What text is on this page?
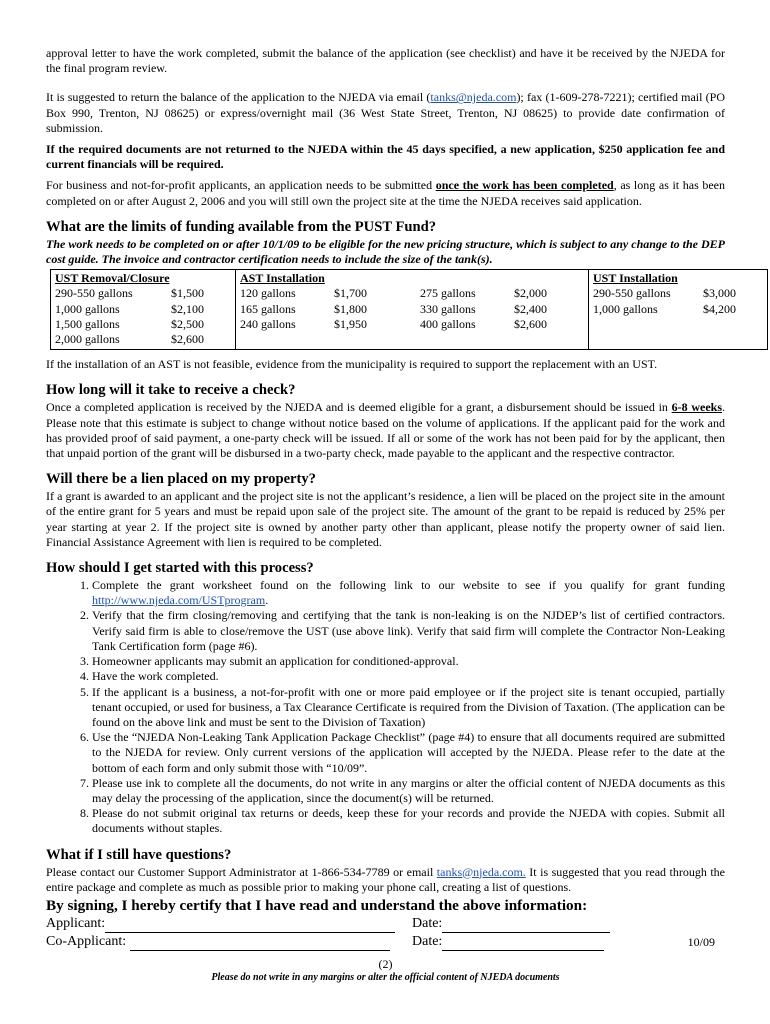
approval letter to have the work completed, submit the balance of the application (see checklist) and have it be received by the NJEDA for the final program review.

It is suggested to return the balance of the application to the NJEDA via email (tanks@njeda.com); fax (1-609-278-7221); certified mail (PO Box 990, Trenton, NJ 08625) or express/overnight mail (36 West State Street, Trenton, NJ 08625) to provide date confirmation of submission.

If the required documents are not returned to the NJEDA within the 45 days specified, a new application, $250 application fee and current financials will be required.

For business and not-for-profit applicants, an application needs to be submitted once the work has been completed, as long as it has been completed on or after August 2, 2006 and you will still own the project site at the time the NJEDA receives said application.

What are the limits of funding available from the PUST Fund?

The work needs to be completed on or after 10/1/09 to be eligible for the new pricing structure, which is subject to any change to the DEP cost guide. The invoice and contractor certification needs to include the size of the tank(s).

UST Removal/Closure
290-550 gallons	$1,500
1,000 gallons	$2,100
1,500 gallons	$2,500
2,000 gallons	$2,600

AST Installation
120 gallons	$1,700	275 gallons	$2,000
165 gallons	$1,800	330 gallons	$2,400
240 gallons	$1,950	400 gallons	$2,600

UST Installation
290-550 gallons	$3,000
1,000 gallons	$4,200

If the installation of an AST is not feasible, evidence from the municipality is required to support the replacement with an UST.

How long will it take to receive a check?

Once a completed application is received by the NJEDA and is deemed eligible for a grant, a disbursement should be issued in 6-8 weeks. Please note that this estimate is subject to change without notice based on the volume of applications. If the applicant paid for the work and has provided proof of said payment, a one-party check will be issued. If all or some of the work has not been paid for by the applicant, then that unpaid portion of the grant will be disbursed in a two-party check, made payable to the applicant and the respective contractor.

Will there be a lien placed on my property?

If a grant is awarded to an applicant and the project site is not the applicant’s residence, a lien will be placed on the project site in the amount of the entire grant for 5 years and must be repaid upon sale of the project site. The amount of the grant to be repaid is reduced by 25% per year starting at year 2. If the project site is owned by another party other than applicant, please notify the property owner of said lien. Financial Assistance Agreement with lien is required to be completed.

How should I get started with this process?
1. Complete the grant worksheet found on the following link to our website to see if you qualify for grant funding http://www.njeda.com/USTprogram.
2. Verify that the firm closing/removing and certifying that the tank is non-leaking is on the NJDEP’s list of certified contractors. Verify said firm is able to close/remove the UST (use above link). Verify that said firm will complete the Contractor Non-Leaking Tank Certification form (page #6).
3. Homeowner applicants may submit an application for conditioned-approval.
4. Have the work completed.
5. If the applicant is a business, a not-for-profit with one or more paid employee or if the project site is tenant occupied, partially tenant occupied, or used for business, a Tax Clearance Certificate is required from the Division of Taxation. (The application can be found on the above link and must be sent to the Division of Taxation)
6. Use the “NJEDA Non-Leaking Tank Application Package Checklist” (page #4) to ensure that all documents required are submitted to the NJEDA for review. Only current versions of the application will accepted by the NJEDA. Please refer to the date at the bottom of each form and only submit those with “10/09”.
7. Please use ink to complete all the documents, do not write in any margins or alter the official content of NJEDA documents as this may delay the processing of the application, since the document(s) will be returned.
8. Please do not submit original tax returns or deeds, keep these for your records and provide the NJEDA with copies. Submit all documents without staples.
What if I still have questions?

Please contact our Customer Support Administrator at 1-866-534-7789 or email tanks@njeda.com. It is suggested that you read through the entire package and complete as much as possible prior to making your phone call, creating a list of questions.

By signing, I hereby certify that I have read and understand the above information:
Applicant:	Date:
Co-Applicant:	Date:	10/09
(2)
Please do not write in any margins or alter the official content of NJEDA documents
